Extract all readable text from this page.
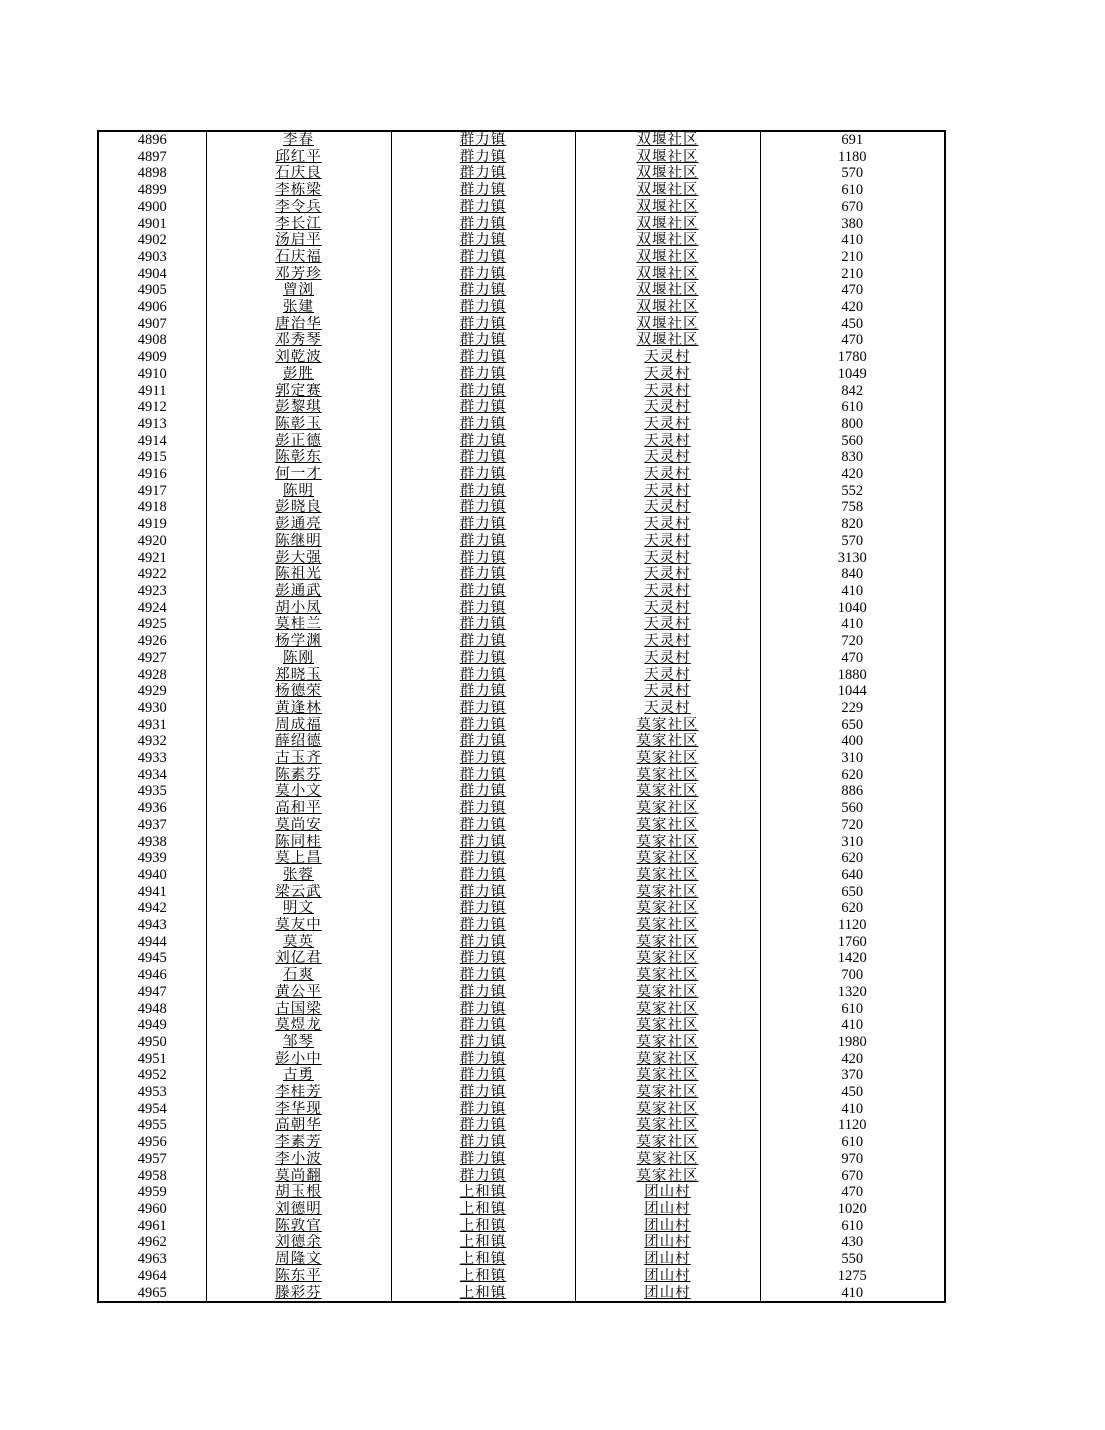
4896	李春	群力镇	双堰社区	691
4897	邱红平	群力镇	双堰社区	1180
4898	石庆良	群力镇	双堰社区	570
4899	李栋梁	群力镇	双堰社区	610
4900	李令兵	群力镇	双堰社区	670
4901	李长江	群力镇	双堰社区	380
4902	汤启平	群力镇	双堰社区	410
4903	石庆福	群力镇	双堰社区	210
4904	邓芳珍	群力镇	双堰社区	210
4905	曾浏	群力镇	双堰社区	470
4906	张建	群力镇	双堰社区	420
4907	唐治华	群力镇	双堰社区	450
4908	邓秀琴	群力镇	双堰社区	470
4909	刘乾波	群力镇	天灵村	1780
4910	彭胜	群力镇	天灵村	1049
4911	郭定赛	群力镇	天灵村	842
4912	彭黎琪	群力镇	天灵村	610
4913	陈彰玉	群力镇	天灵村	800
4914	彭正德	群力镇	天灵村	560
4915	陈彰东	群力镇	天灵村	830
4916	何一才	群力镇	天灵村	420
4917	陈明	群力镇	天灵村	552
4918	彭晓良	群力镇	天灵村	758
4919	彭通亮	群力镇	天灵村	820
4920	陈继明	群力镇	天灵村	570
4921	彭大强	群力镇	天灵村	3130
4922	陈祖光	群力镇	天灵村	840
4923	彭通武	群力镇	天灵村	410
4924	胡小凤	群力镇	天灵村	1040
4925	莫桂兰	群力镇	天灵村	410
4926	杨学渊	群力镇	天灵村	720
4927	陈刚	群力镇	天灵村	470
4928	郑晓玉	群力镇	天灵村	1880
4929	杨德荣	群力镇	天灵村	1044
4930	黄逢林	群力镇	天灵村	229
4931	周成福	群力镇	莫家社区	650
4932	薛绍德	群力镇	莫家社区	400
4933	古玉齐	群力镇	莫家社区	310
4934	陈素芬	群力镇	莫家社区	620
4935	莫小文	群力镇	莫家社区	886
4936	高和平	群力镇	莫家社区	560
4937	莫尚安	群力镇	莫家社区	720
4938	陈同桂	群力镇	莫家社区	310
4939	莫上昌	群力镇	莫家社区	620
4940	张蓉	群力镇	莫家社区	640
4941	梁云武	群力镇	莫家社区	650
4942	明文	群力镇	莫家社区	620
4943	莫友中	群力镇	莫家社区	1120
4944	莫英	群力镇	莫家社区	1760
4945	刘亿君	群力镇	莫家社区	1420
4946	石爽	群力镇	莫家社区	700
4947	黄公平	群力镇	莫家社区	1320
4948	古国梁	群力镇	莫家社区	610
4949	莫煜龙	群力镇	莫家社区	410
4950	邹琴	群力镇	莫家社区	1980
4951	彭小中	群力镇	莫家社区	420
4952	古勇	群力镇	莫家社区	370
4953	李桂芳	群力镇	莫家社区	450
4954	李华现	群力镇	莫家社区	410
4955	高朝华	群力镇	莫家社区	1120
4956	李素芳	群力镇	莫家社区	610
4957	李小波	群力镇	莫家社区	970
4958	莫尚翻	群力镇	莫家社区	670
4959	胡玉根	上和镇	团山村	470
4960	刘德明	上和镇	团山村	1020
4961	陈敦官	上和镇	团山村	610
4962	刘德余	上和镇	团山村	430
4963	周隆文	上和镇	团山村	550
4964	陈东平	上和镇	团山村	1275
4965	滕彩芬	上和镇	团山村	410
